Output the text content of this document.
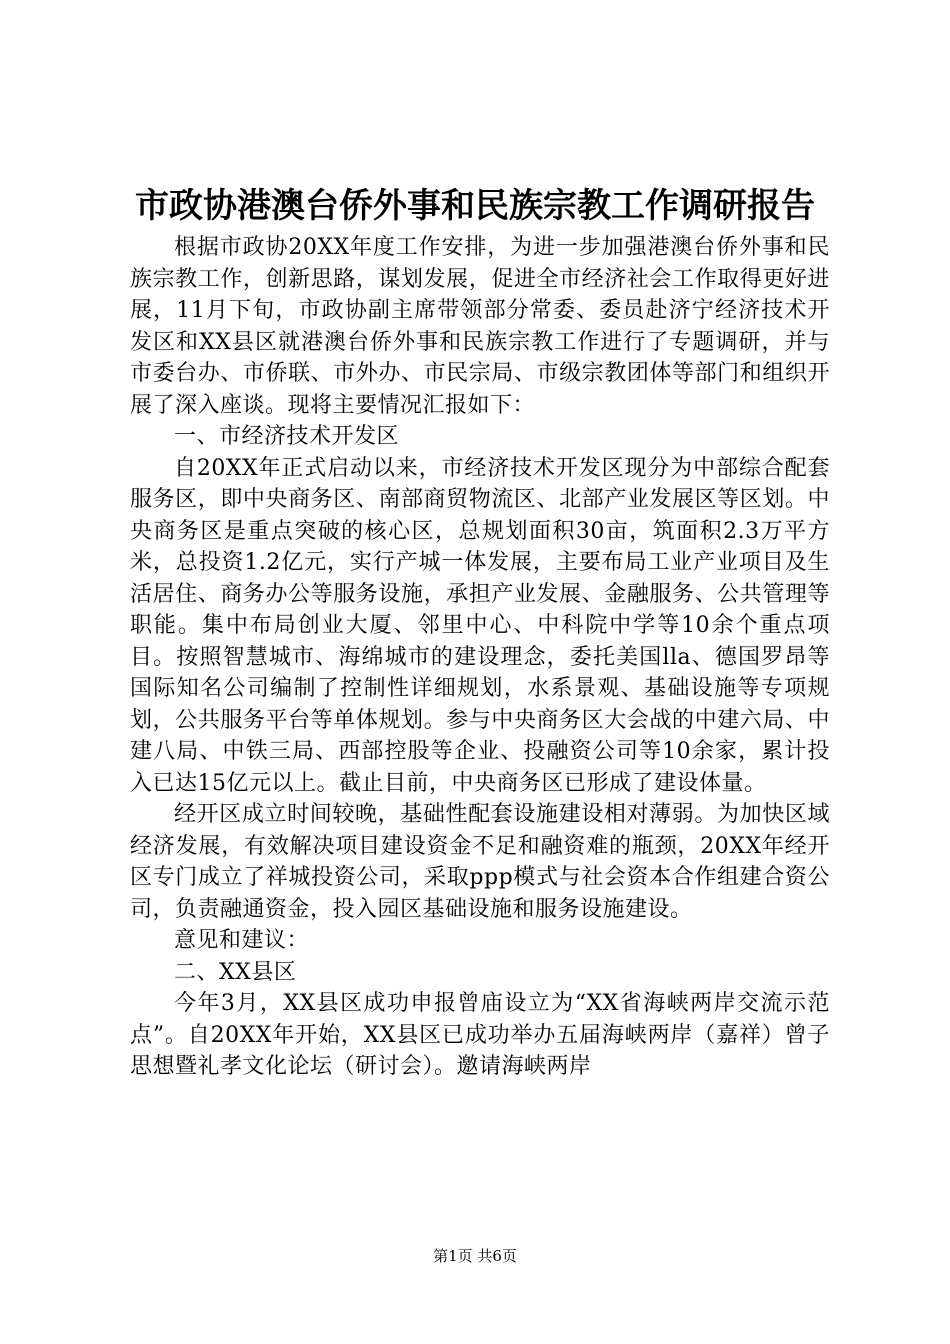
市政协港澳台侨外事和民族宗教工作调研报告

根据市政协20XX年度工作安排，为进一步加强港澳台侨外事和民族宗教工作，创新思路，谋划发展，促进全市经济社会工作取得更好进展，11月下旬，市政协副主席带领部分常委、委员赴济宁经济技术开发区和XX县区就港澳台侨外事和民族宗教工作进行了专题调研，并与市委台办、市侨联、市外办、市民宗局、市级宗教团体等部门和组织开展了深入座谈。现将主要情况汇报如下：

一、市经济技术开发区

自20XX年正式启动以来，市经济技术开发区现分为中部综合配套服务区，即中央商务区、南部商贸物流区、北部产业发展区等区划。中央商务区是重点突破的核心区，总规划面积30亩，筑面积2.3万平方米，总投资1.2亿元，实行产城一体发展，主要布局工业产业项目及生活居住、商务办公等服务设施，承担产业发展、金融服务、公共管理等职能。集中布局创业大厦、邻里中心、中科院中学等10余个重点项目。按照智慧城市、海绵城市的建设理念，委托美国lla、德国罗昂等国际知名公司编制了控制性详细规划，水系景观、基础设施等专项规划，公共服务平台等单体规划。参与中央商务区大会战的中建六局、中建八局、中铁三局、西部控股等企业、投融资公司等10余家，累计投入已达15亿元以上。截止目前，中央商务区已形成了建设体量。

经开区成立时间较晚，基础性配套设施建设相对薄弱。为加快区域经济发展，有效解决项目建设资金不足和融资难的瓶颈，20XX年经开区专门成立了祥城投资公司，采取ppp模式与社会资本合作组建合资公司，负责融通资金，投入园区基础设施和服务设施建设。

意见和建议：

二、XX县区

今年3月，XX县区成功申报曾庙设立为“XX省海峡两岸交流示范点”。自20XX年开始，XX县区已成功举办五届海峡两岸（嘉祥）曾子思想暨礼孝文化论坛（研讨会）。邀请海峡两岸

第1页 共6页
